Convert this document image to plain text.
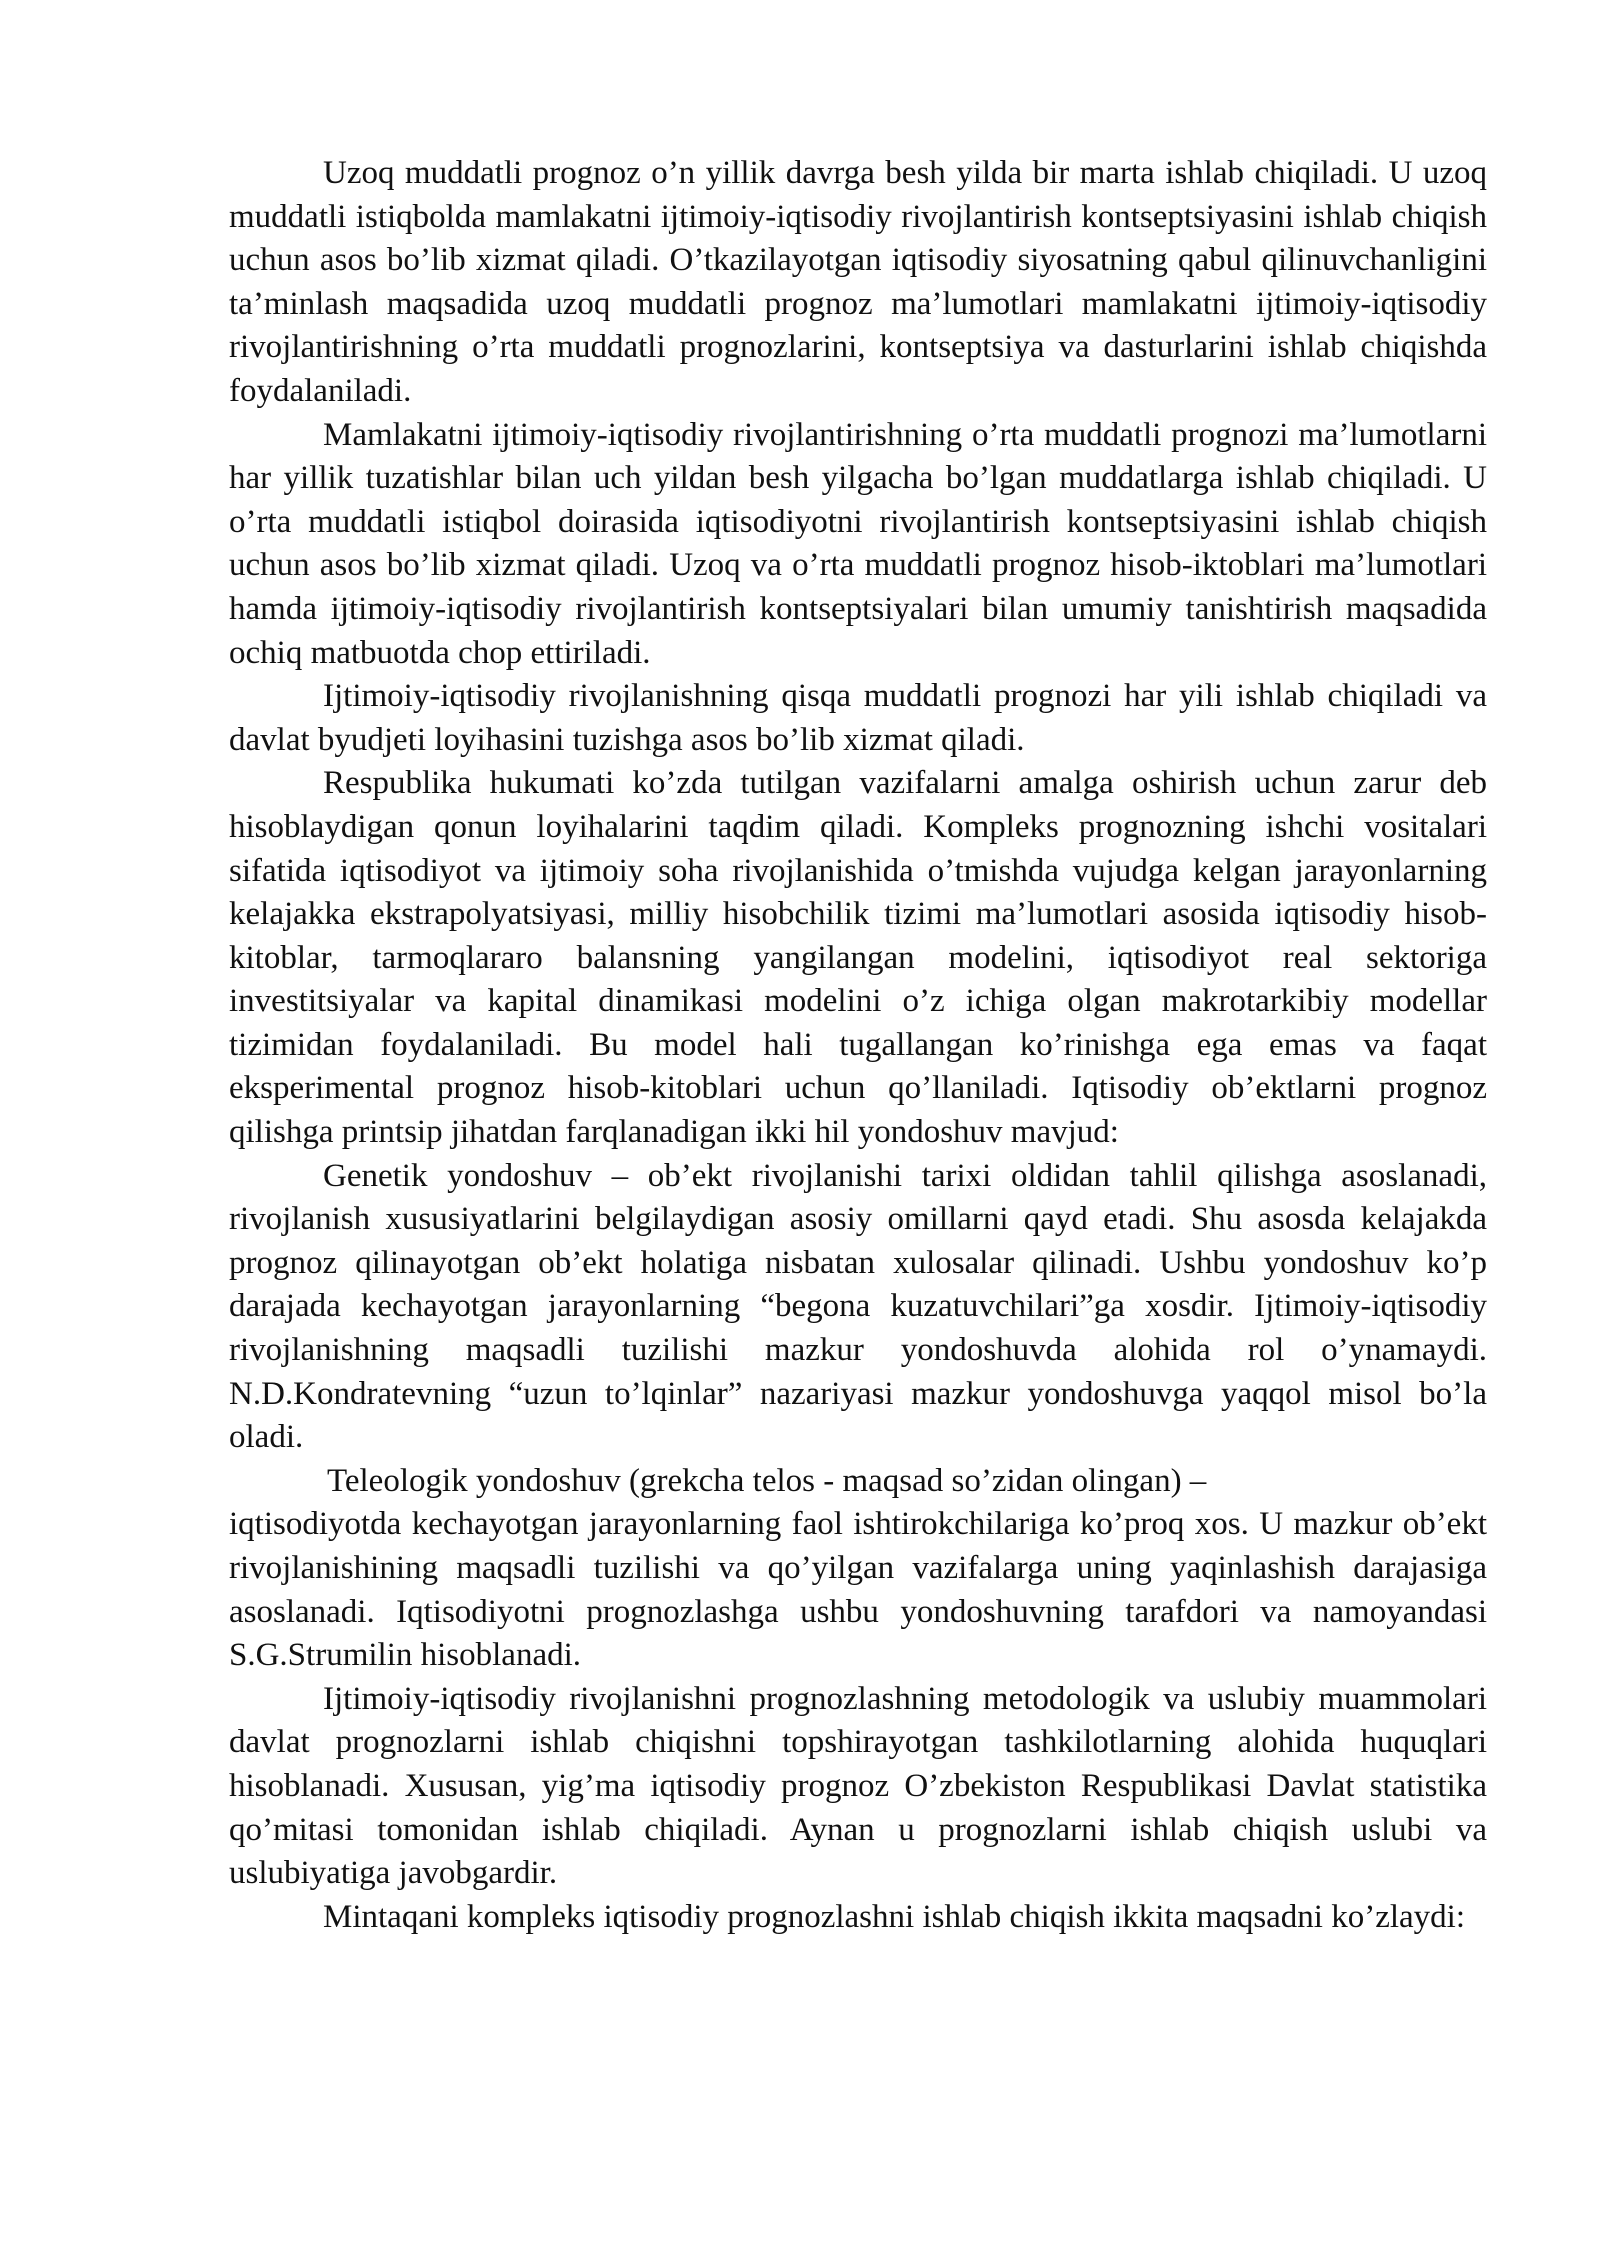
Uzoq muddatli prognoz o’n yillik davrga besh yilda bir marta ishlab chiqiladi. U uzoq muddatli istiqbolda mamlakatni ijtimoiy-iqtisodiy rivojlantirish kontseptsiyasini ishlab chiqish uchun asos bo’lib xizmat qiladi. O’tkazilayotgan iqtisodiy siyosatning qabul qilinuvchanligini ta’minlash maqsadida uzoq muddatli prognoz ma’lumotlari mamlakatni ijtimoiy-iqtisodiy rivojlantirishning o’rta muddatli prognozlarini, kontseptsiya va dasturlarini ishlab chiqishda foydalaniladi.

Mamlakatni ijtimoiy-iqtisodiy rivojlantirishning o’rta muddatli prognozi ma’lumotlarni har yillik tuzatishlar bilan uch yildan besh yilgacha bo’lgan muddatlarga ishlab chiqiladi. U o’rta muddatli istiqbol doirasida iqtisodiyotni rivojlantirish kontseptsiyasini ishlab chiqish uchun asos bo’lib xizmat qiladi. Uzoq va o’rta muddatli prognoz hisob-iktoblari ma’lumotlari hamda ijtimoiy-iqtisodiy rivojlantirish kontseptsiyalari bilan umumiy tanishtirish maqsadida ochiq matbuotda chop ettiriladi.

Ijtimoiy-iqtisodiy rivojlanishning qisqa muddatli prognozi har yili ishlab chiqiladi va davlat byudjeti loyihasini tuzishga asos bo’lib xizmat qiladi.

Respublika hukumati ko’zda tutilgan vazifalarni amalga oshirish uchun zarur deb hisoblaydigan qonun loyihalarini taqdim qiladi. Kompleks prognozning ishchi vositalari sifatida iqtisodiyot va ijtimoiy soha rivojlanishida o’tmishda vujudga kelgan jarayonlarning kelajakka ekstrapolyatsiyasi, milliy hisobchilik tizimi ma’lumotlari asosida iqtisodiy hisob-kitoblar, tarmoqlararo balansning yangilangan modelini, iqtisodiyot real sektoriga investitsiyalar va kapital dinamikasi modelini o’z ichiga olgan makrotarkibiy modellar tizimidan foydalaniladi. Bu model hali tugallangan ko’rinishga ega emas va faqat eksperimental prognoz hisob-kitoblari uchun qo’llaniladi. Iqtisodiy ob’ektlarni prognoz qilishga printsip jihatdan farqlanadigan ikki hil yondoshuv mavjud:

Genetik yondoshuv – ob’ekt rivojlanishi tarixi oldidan tahlil qilishga asoslanadi, rivojlanish xususiyatlarini belgilaydigan asosiy omillarni qayd etadi. Shu asosda kelajakda prognoz qilinayotgan ob’ekt holatiga nisbatan xulosalar qilinadi. Ushbu yondoshuv ko’p darajada kechayotgan jarayonlarning “begona kuzatuvchilari”ga xosdir. Ijtimoiy-iqtisodiy rivojlanishning maqsadli tuzilishi mazkur yondoshuvda alohida rol o’ynamaydi. N.D.Kondratevning “uzun to’lqinlar” nazariyasi mazkur yondoshuvga yaqqol misol bo’la oladi.

Teleologik yondoshuv (grekcha telos - maqsad so’zidan olingan) –

iqtisodiyotda kechayotgan jarayonlarning faol ishtirokchilariga ko’proq xos. U mazkur ob’ekt rivojlanishining maqsadli tuzilishi va qo’yilgan vazifalarga uning yaqinlashish darajasiga asoslanadi. Iqtisodiyotni prognozlashga ushbu yondoshuvning tarafdori va namoyandasi S.G.Strumilin hisoblanadi.

Ijtimoiy-iqtisodiy rivojlanishni prognozlashning metodologik va uslubiy muammolari davlat prognozlarni ishlab chiqishni topshirayotgan tashkilotlarning alohida huquqlari hisoblanadi. Xususan, yig’ma iqtisodiy prognoz O’zbekiston Respublikasi Davlat statistika qo’mitasi tomonidan ishlab chiqiladi. Aynan u prognozlarni ishlab chiqish uslubi va uslubiyatiga javobgardir.

Mintaqani kompleks iqtisodiy prognozlashni ishlab chiqish ikkita maqsadni ko’zlaydi:
